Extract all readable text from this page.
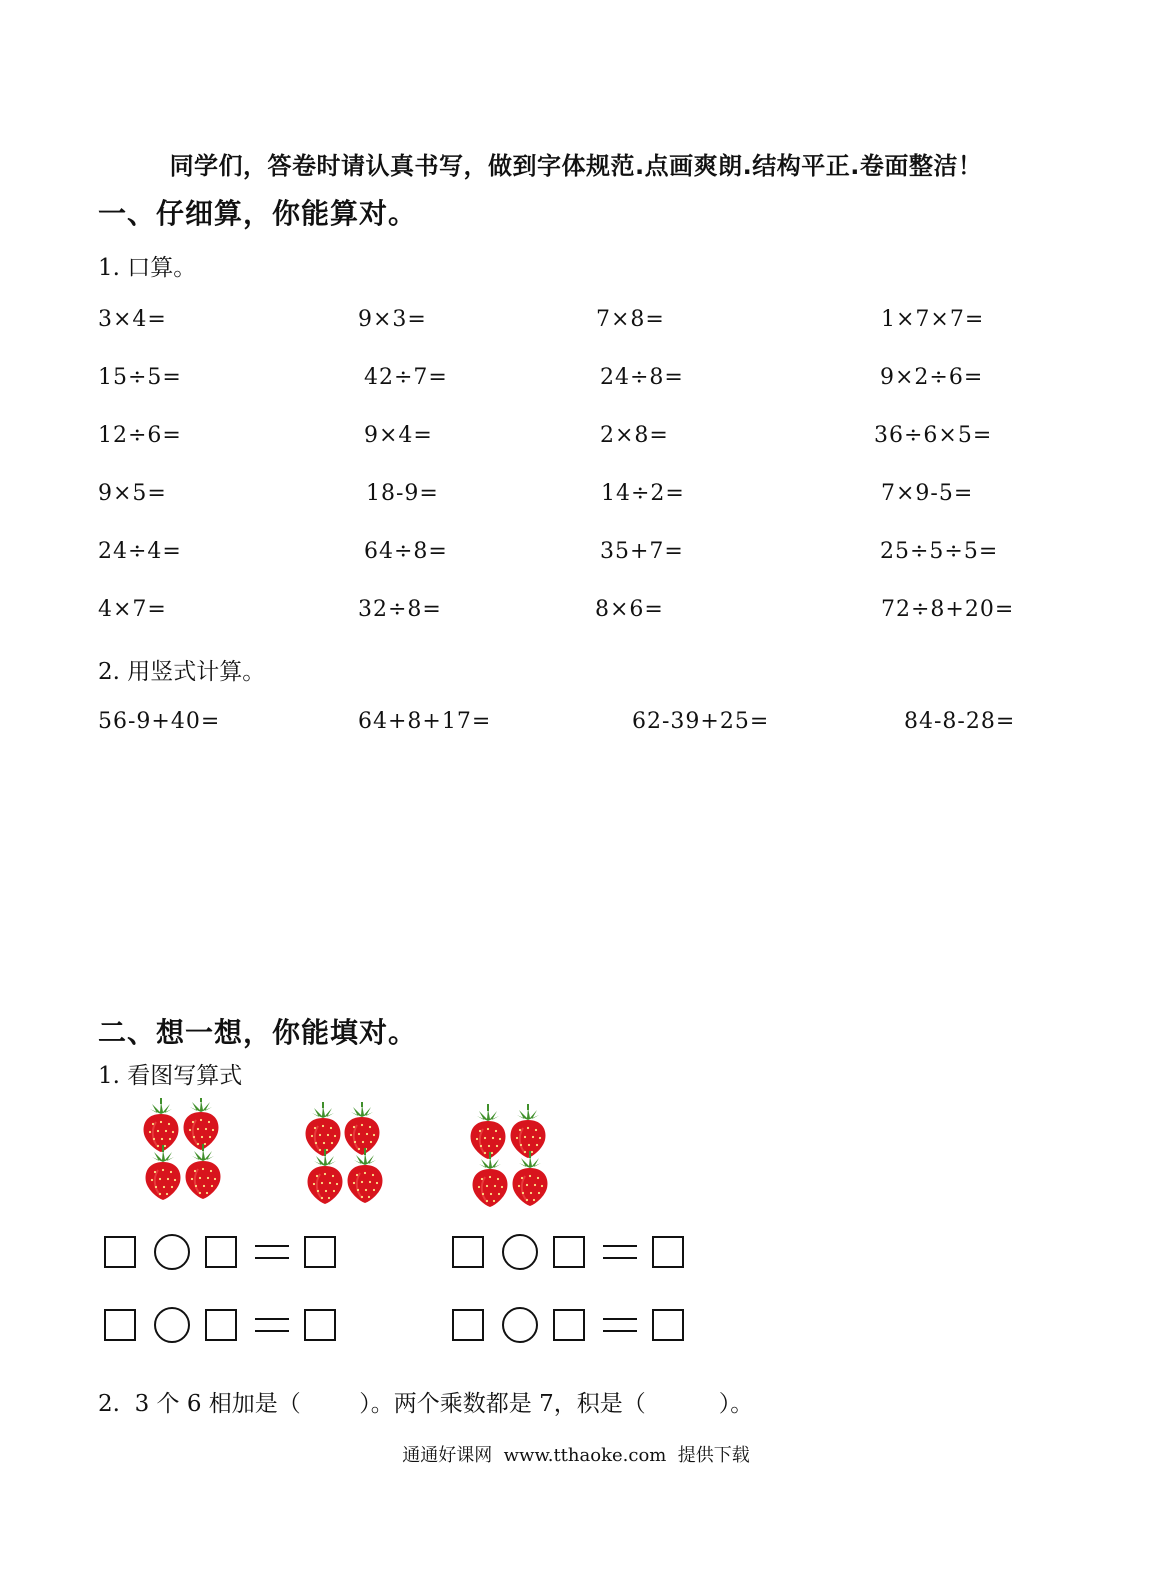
同学们，答卷时请认真书写，做到字体规范.点画爽朗.结构平正.卷面整洁！
一、仔细算，你能算对。
1. 口算。
3×4=	9×3=	7×8=	1×7×7=
15÷5=	42÷7=	24÷8=	9×2÷6=
12÷6=	9×4=	2×8=	36÷6×5=
9×5=	18-9=	14÷2=	7×9-5=
24÷4=	64÷8=	35+7=	25÷5÷5=
4×7=	32÷8=	8×6=	72÷8+20=
2. 用竖式计算。
56-9+40=	64+8+17=	62-39+25=	84-8-28=
二、想一想，你能填对。
1. 看图写算式
2.  3 个 6 相加是（        ）。两个乘数都是 7，积是（          ）。
通通好课网  www.tthaoke.com  提供下载
